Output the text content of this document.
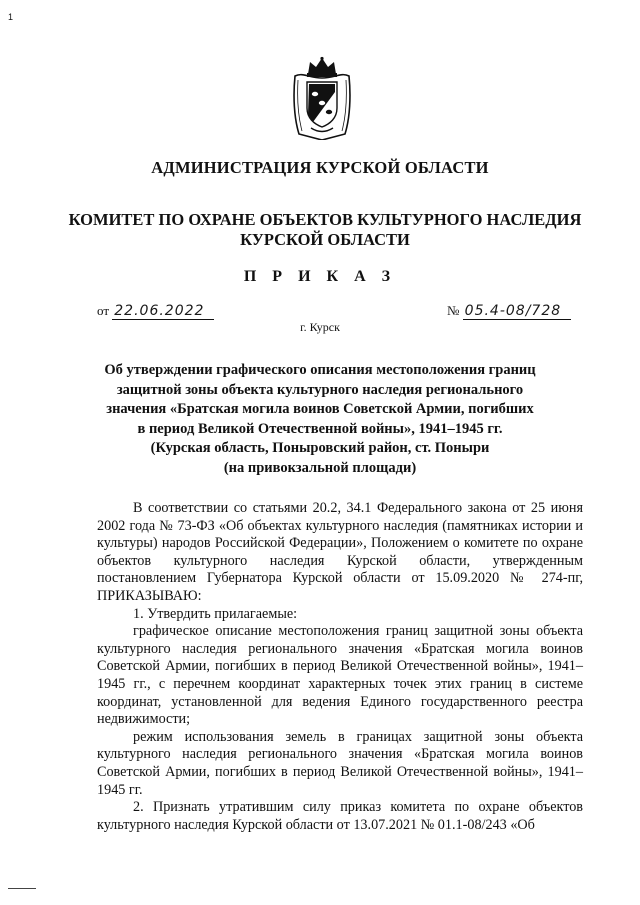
1
АДМИНИСТРАЦИЯ КУРСКОЙ ОБЛАСТИ
КОМИТЕТ ПО ОХРАНЕ ОБЪЕКТОВ КУЛЬТУРНОГО НАСЛЕДИЯ
КУРСКОЙ ОБЛАСТИ
П Р И К А З
от 22.06.2022	№ 05.4-08/728
г. Курск
Об утверждении графического описания местоположения границ
защитной зоны объекта культурного наследия регионального
значения «Братская могила воинов Советской Армии, погибших
в период Великой Отечественной войны», 1941–1945 гг.
(Курская область, Поныровский район, ст. Поныри
(на привокзальной площади)

В соответствии со статьями 20.2, 34.1 Федерального закона от 25 июня 2002 года № 73-ФЗ «Об объектах культурного наследия (памятниках истории и культуры) народов Российской Федерации», Положением о комитете по охране объектов культурного наследия Курской области, утвержденным постановлением Губернатора Курской области от 15.09.2020 № 274-пг, ПРИКАЗЫВАЮ:

1. Утвердить прилагаемые:

графическое описание местоположения границ защитной зоны объекта культурного наследия регионального значения «Братская могила воинов Советской Армии, погибших в период Великой Отечественной войны», 1941–1945 гг., с перечнем координат характерных точек этих границ в системе координат, установленной для ведения Единого государственного реестра недвижимости;

режим использования земель в границах защитной зоны объекта культурного наследия регионального значения «Братская могила воинов Советской Армии, погибших в период Великой Отечественной войны», 1941–1945 гг.

2. Признать утратившим силу приказ комитета по охране объектов культурного наследия Курской области от 13.07.2021 № 01.1-08/243 «Об
